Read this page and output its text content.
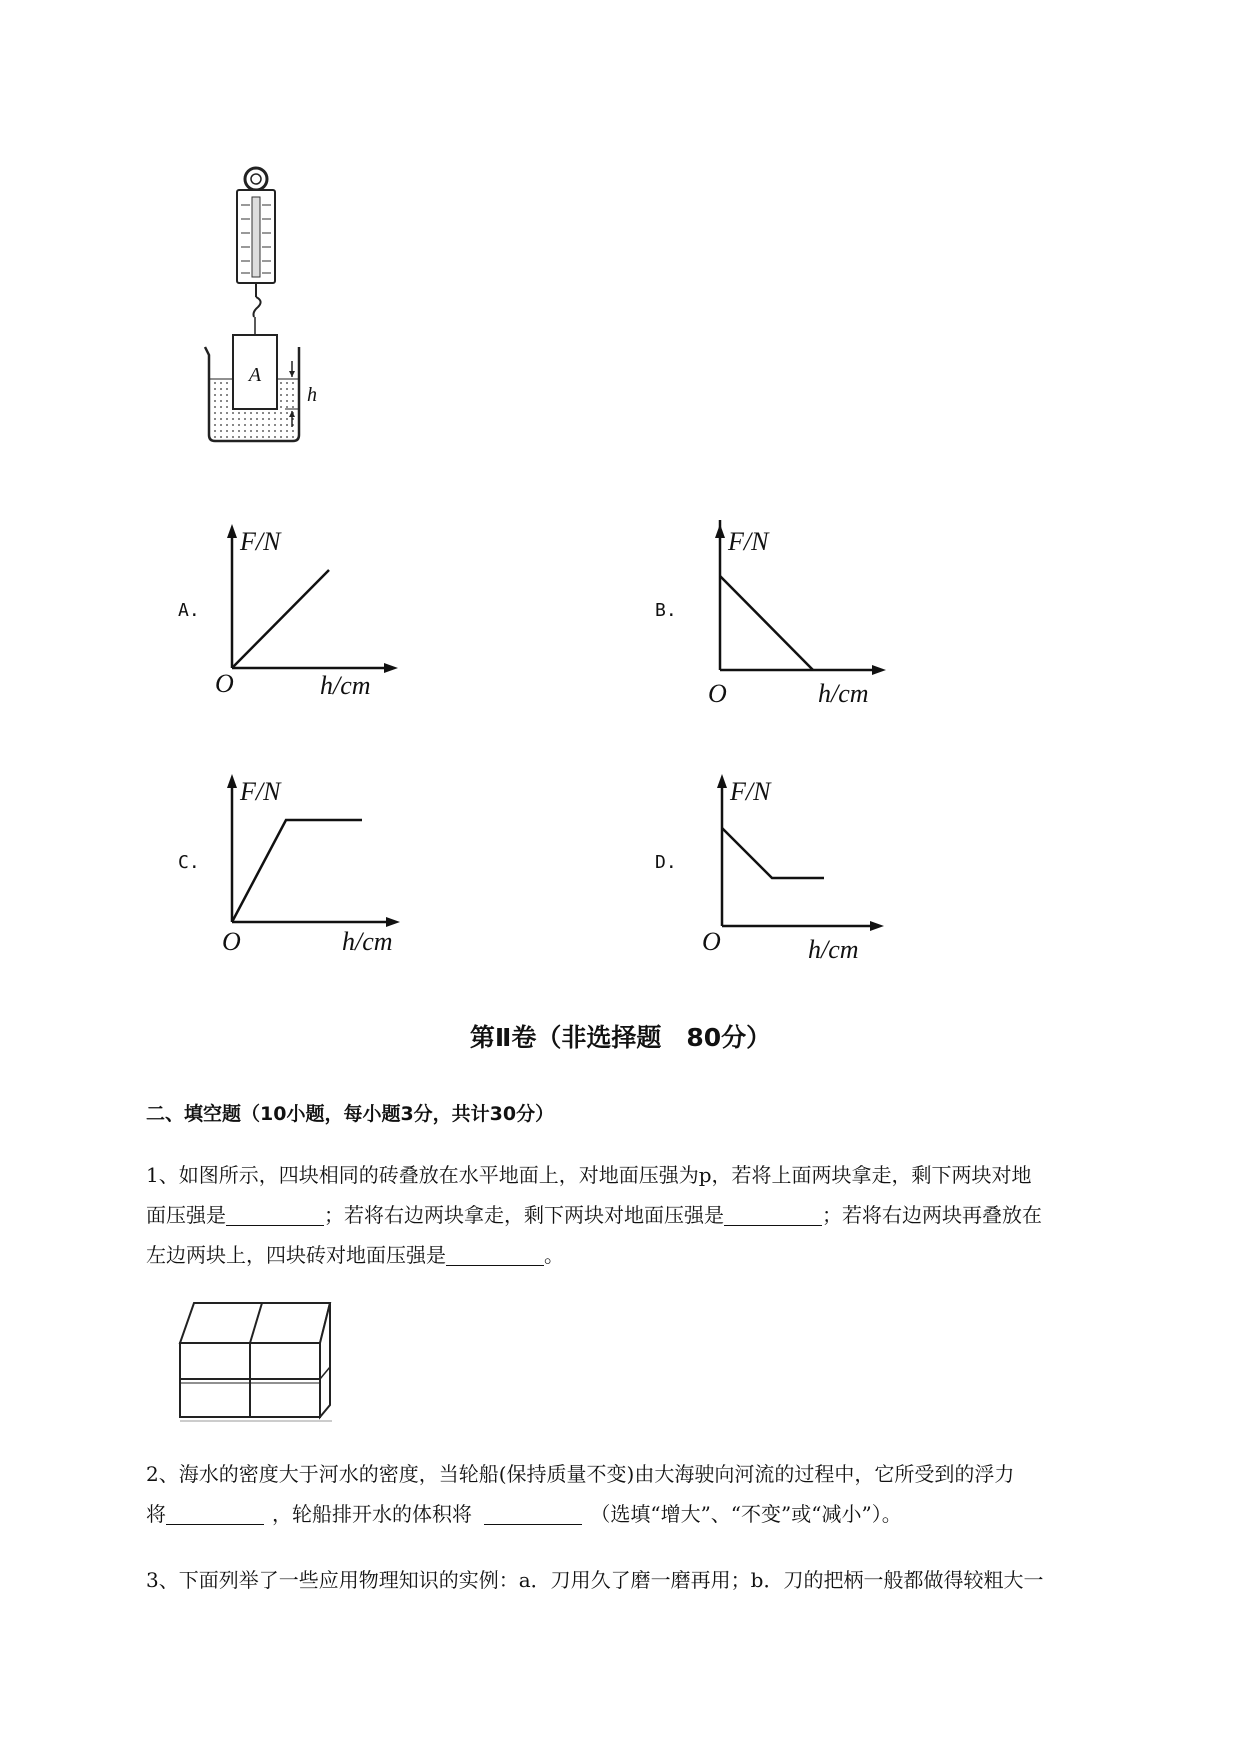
A
h
A.
F/N
O	h/cm
B.
F/N
O	h/cm
C.
F/N
O	h/cm
D.
F/N
O	h/cm
第Ⅱ卷（非选择题　80分）
二、填空题（10小题，每小题3分，共计30分）
1、如图所示，四块相同的砖叠放在水平地面上，对地面压强为p，若将上面两块拿走，剩下两块对地
面压强是	；若将右边两块拿走，剩下两块对地面压强是	；若将右边两块再叠放在
左边两块上，四块砖对地面压强是	。
2、海水的密度大于河水的密度，当轮船(保持质量不变)由大海驶向河流的过程中，它所受到的浮力
将	，轮船排开水的体积将	（选填“增大”、“不变”或“减小”）。
3、下面列举了一些应用物理知识的实例：a．刀用久了磨一磨再用；b．刀的把柄一般都做得较粗大一
